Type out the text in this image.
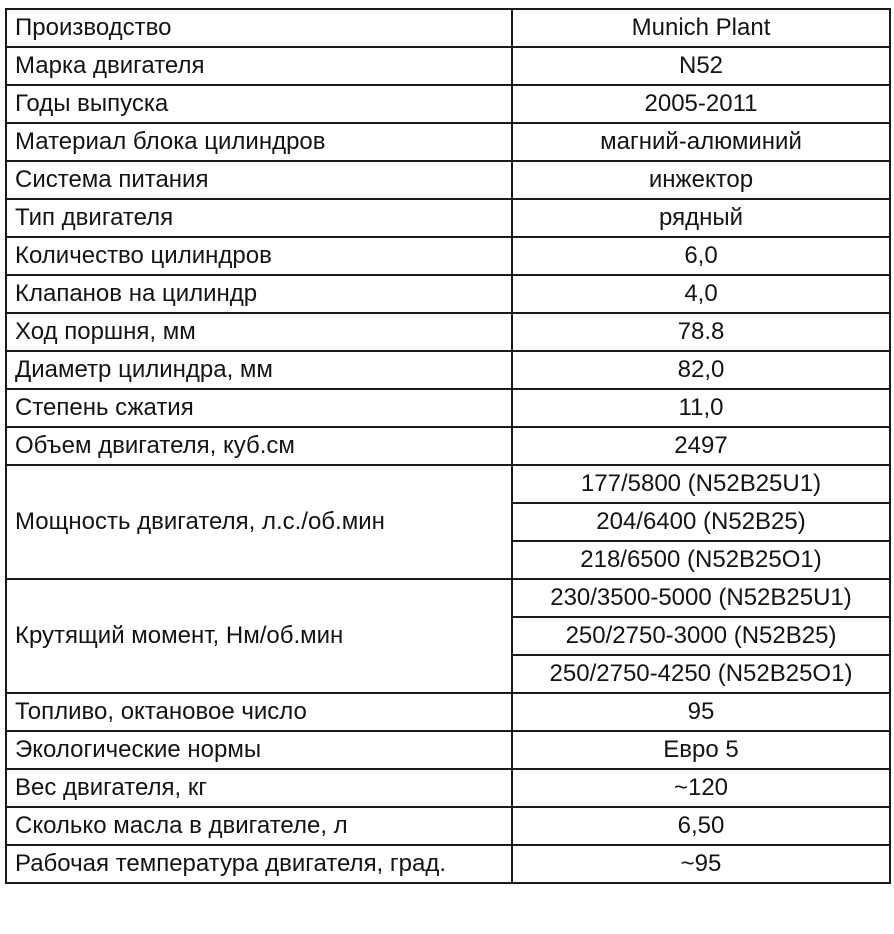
Производство	Munich Plant
Марка двигателя	N52
Годы выпуска	2005-2011
Материал блока цилиндров	магний-алюминий
Система питания	инжектор
Тип двигателя	рядный
Количество цилиндров	6,0
Клапанов на цилиндр	4,0
Ход поршня, мм	78.8
Диаметр цилиндра, мм	82,0
Степень сжатия	11,0
Объем двигателя, куб.см	2497
Мощность двигателя, л.с./об.мин	177/5800 (N52B25U1)
	204/6400 (N52B25)
	218/6500 (N52B25O1)
Крутящий момент, Нм/об.мин	230/3500-5000 (N52B25U1)
	250/2750-3000 (N52B25)
	250/2750-4250 (N52B25O1)
Топливо, октановое число	95
Экологические нормы	Евро 5
Вес двигателя, кг	~120
Сколько масла в двигателе, л	6,50
Рабочая температура двигателя, град.	~95
